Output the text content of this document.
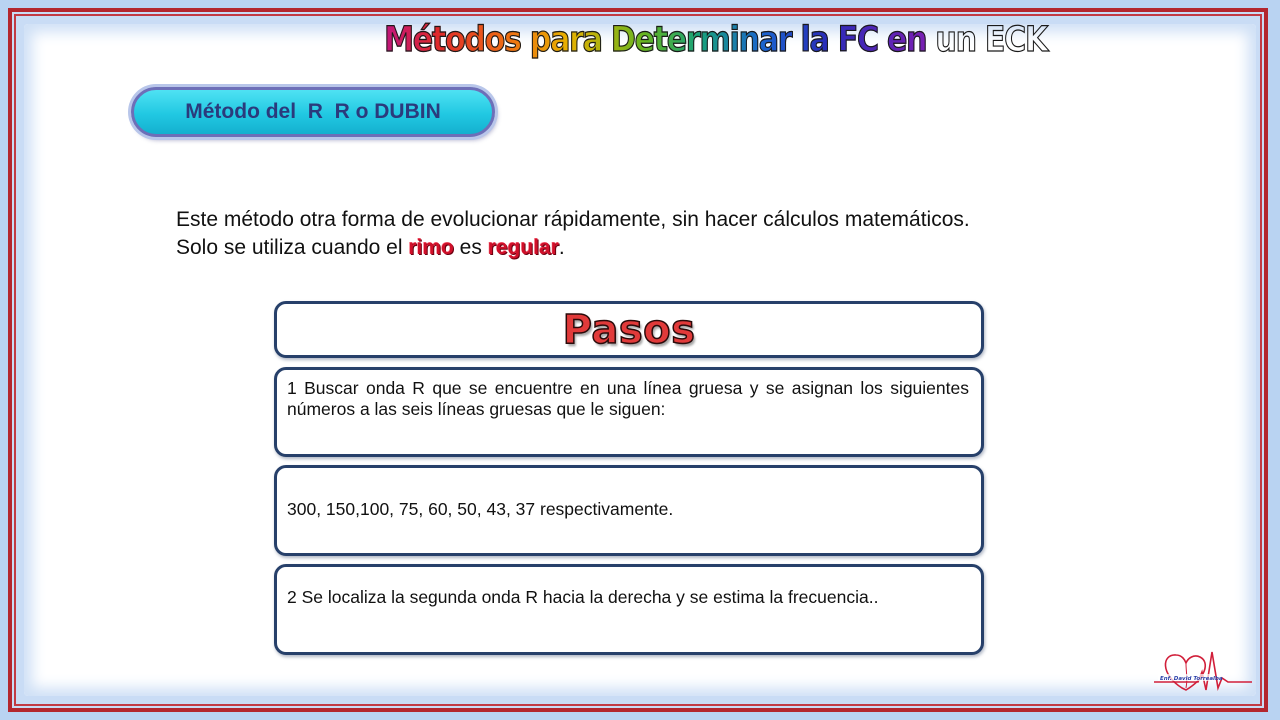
Métodos para Determinar la FC en un ECK
Método del  R  R o DUBIN
Este método otra forma de evolucionar rápidamente, sin hacer cálculos matemáticos.
Solo se utiliza cuando el rimo es regular.
Pasos
1 Buscar onda R que se encuentre en una línea gruesa y se asignan los siguientes números a las seis líneas gruesas que le siguen:
300, 150,100, 75, 60, 50, 43, 37 respectivamente.
2 Se localiza la segunda onda R hacia la derecha y se estima la frecuencia..
Enf. David Torrealba
